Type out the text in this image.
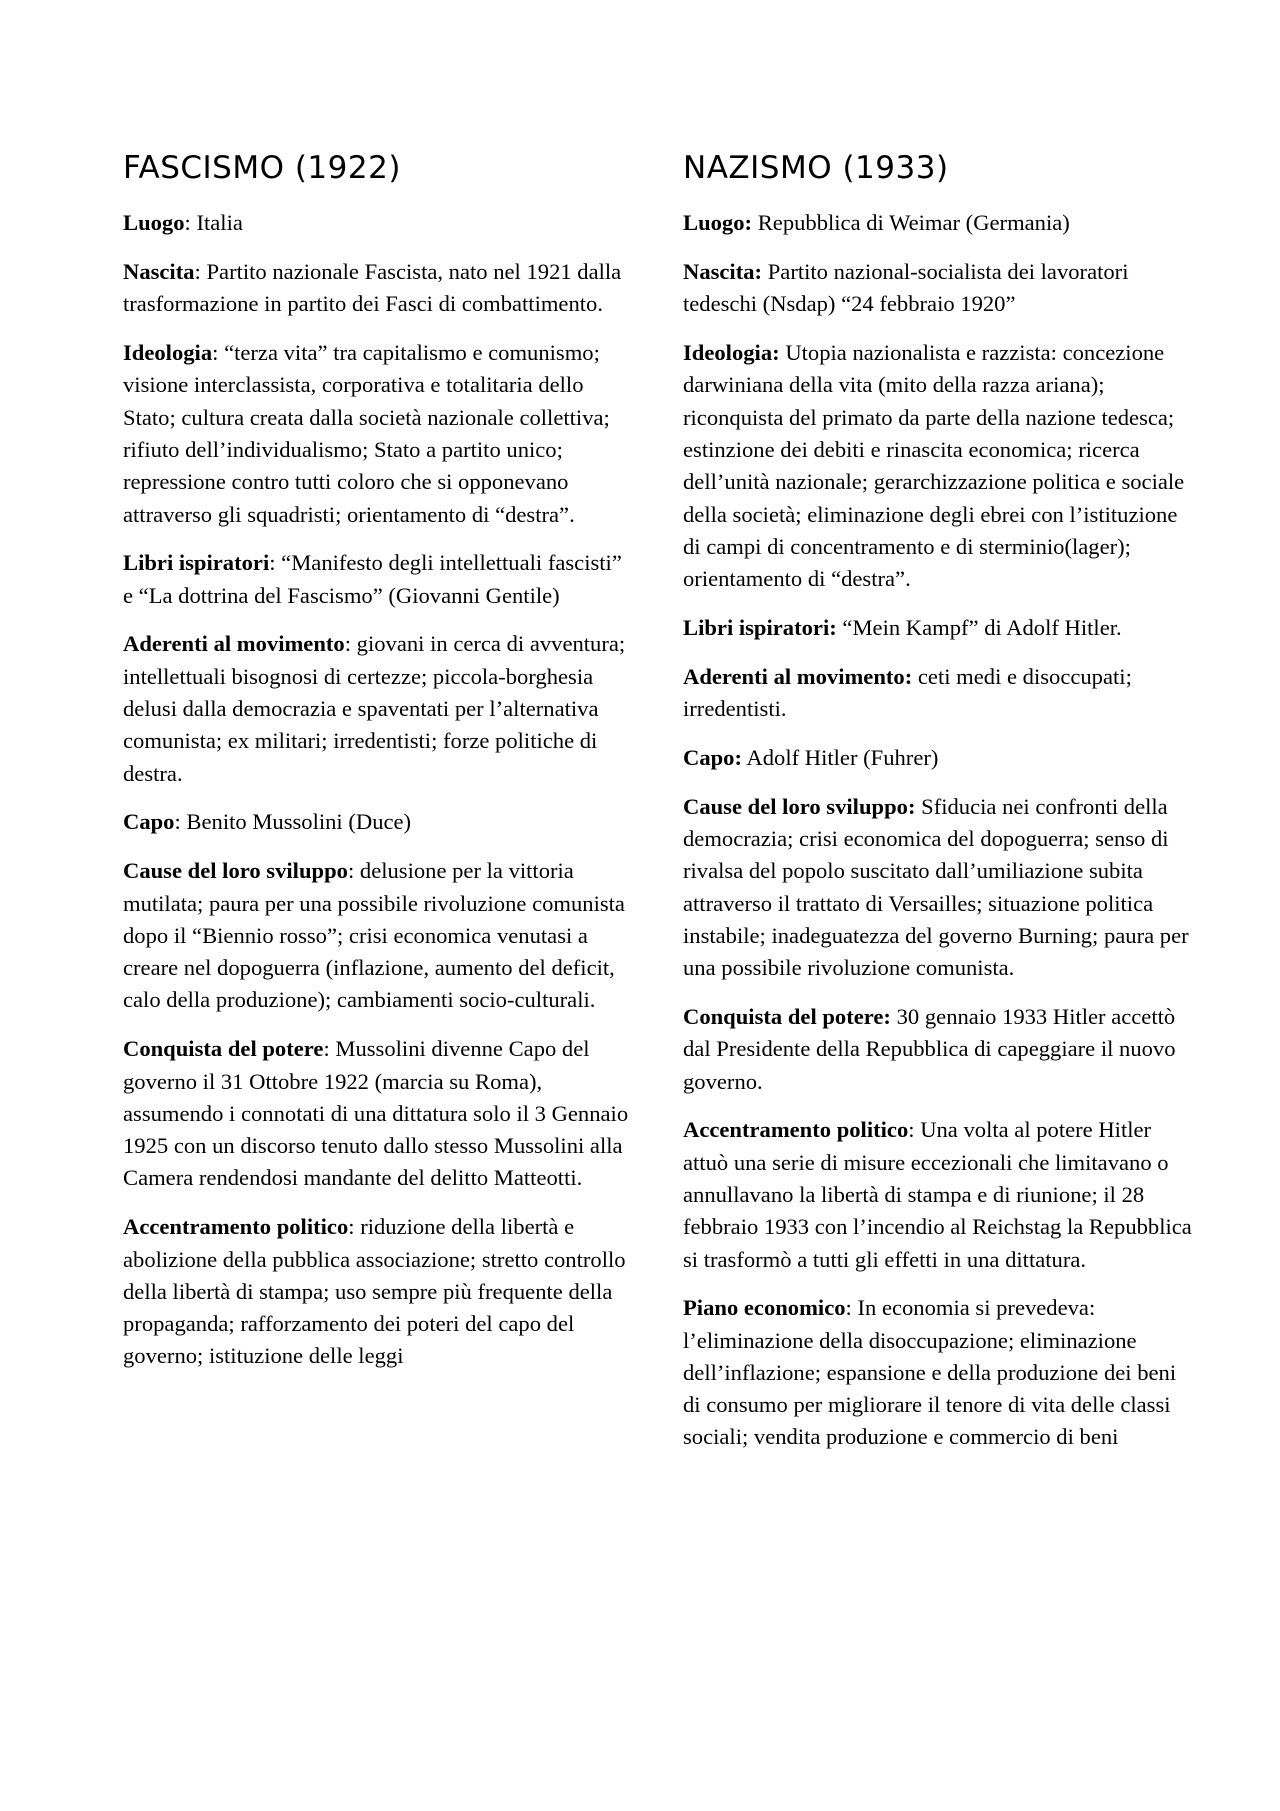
FASCISMO (1922)

Luogo: Italia

Nascita: Partito nazionale Fascista, nato nel 1921 dalla trasformazione in partito dei Fasci di combattimento.

Ideologia: “terza vita” tra capitalismo e comunismo; visione interclassista, corporativa e totalitaria dello Stato; cultura creata dalla società nazionale collettiva; rifiuto dell’individualismo; Stato a partito unico; repressione contro tutti coloro che si opponevano attraverso gli squadristi; orientamento di “destra”.

Libri ispiratori: “Manifesto degli intellettuali fascisti” e “La dottrina del Fascismo” (Giovanni Gentile)

Aderenti al movimento: giovani in cerca di avventura; intellettuali bisognosi di certezze; piccola-borghesia delusi dalla democrazia e spaventati per l’alternativa comunista; ex militari; irredentisti; forze politiche di destra.

Capo: Benito Mussolini (Duce)

Cause del loro sviluppo: delusione per la vittoria mutilata; paura per una possibile rivoluzione comunista dopo il “Biennio rosso”; crisi economica venutasi a creare nel dopoguerra (inflazione, aumento del deficit, calo della produzione); cambiamenti socio-culturali.

Conquista del potere: Mussolini divenne Capo del governo il 31 Ottobre 1922 (marcia su Roma), assumendo i connotati di una dittatura solo il 3 Gennaio 1925 con un discorso tenuto dallo stesso Mussolini alla Camera rendendosi mandante del delitto Matteotti.

Accentramento politico: riduzione della libertà e abolizione della pubblica associazione; stretto controllo della libertà di stampa; uso sempre più frequente della propaganda; rafforzamento dei poteri del capo del governo; istituzione delle leggi

NAZISMO (1933)

Luogo: Repubblica di Weimar (Germania)

Nascita: Partito nazional-socialista dei lavoratori tedeschi (Nsdap) “24 febbraio 1920”

Ideologia: Utopia nazionalista e razzista: concezione darwiniana della vita (mito della razza ariana); riconquista del primato da parte della nazione tedesca; estinzione dei debiti e rinascita economica; ricerca dell’unità nazionale; gerarchizzazione politica e sociale della società; eliminazione degli ebrei con l’istituzione di campi di concentramento e di sterminio(lager); orientamento di “destra”.

Libri ispiratori: “Mein Kampf” di Adolf Hitler.

Aderenti al movimento: ceti medi e disoccupati; irredentisti.

Capo: Adolf Hitler (Fuhrer)

Cause del loro sviluppo: Sfiducia nei confronti della democrazia; crisi economica del dopoguerra; senso di rivalsa del popolo suscitato dall’umiliazione subita attraverso il trattato di Versailles; situazione politica instabile; inadeguatezza del governo Burning; paura per una possibile rivoluzione comunista.

Conquista del potere: 30 gennaio 1933 Hitler accettò dal Presidente della Repubblica di capeggiare il nuovo governo.

Accentramento politico: Una volta al potere Hitler attuò una serie di misure eccezionali che limitavano o annullavano la libertà di stampa e di riunione; il 28 febbraio 1933 con l’incendio al Reichstag la Repubblica si trasformò a tutti gli effetti in una dittatura.

Piano economico: In economia si prevedeva: l’eliminazione della disoccupazione; eliminazione dell’inflazione; espansione e della produzione dei beni di consumo per migliorare il tenore di vita delle classi sociali; vendita produzione e commercio di beni
